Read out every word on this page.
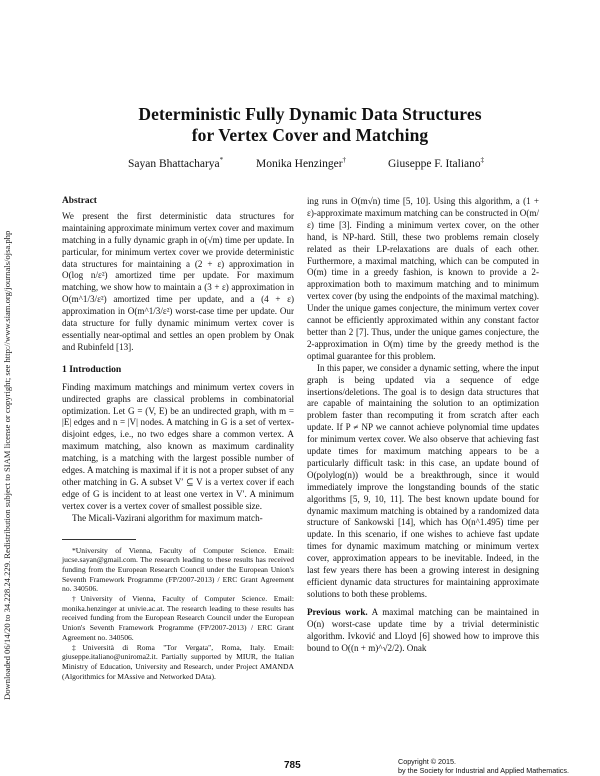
Downloaded 06/14/20 to 34.228.24.229. Redistribution subject to SIAM license or copyright; see http://www.siam.org/journals/ojsa.php
Deterministic Fully Dynamic Data Structures
for Vertex Cover and Matching
Sayan Bhattacharya*	Monika Henzinger†	Giuseppe F. Italiano‡
Abstract

We present the first deterministic data structures for maintaining approximate minimum vertex cover and maximum matching in a fully dynamic graph in o(√m) time per update. In particular, for minimum vertex cover we provide deterministic data structures for maintaining a (2 + ε) approximation in O(log n/ε²) amortized time per update. For maximum matching, we show how to maintain a (3 + ε) approximation in O(m^1/3/ε²) amortized time per update, and a (4 + ε) approximation in O(m^1/3/ε²) worst-case time per update. Our data structure for fully dynamic minimum vertex cover is essentially near-optimal and settles an open problem by Onak and Rubinfeld [13].

1 Introduction

Finding maximum matchings and minimum vertex covers in undirected graphs are classical problems in combinatorial optimization. Let G = (V, E) be an undirected graph, with m = |E| edges and n = |V| nodes. A matching in G is a set of vertex-disjoint edges, i.e., no two edges share a common vertex. A maximum matching, also known as maximum cardinality matching, is a matching with the largest possible number of edges. A matching is maximal if it is not a proper subset of any other matching in G. A subset V′ ⊆ V is a vertex cover if each edge of G is incident to at least one vertex in V′. A minimum vertex cover is a vertex cover of smallest possible size.

The Micali-Vazirani algorithm for maximum match-

*University of Vienna, Faculty of Computer Science. Email: jucse.sayan@gmail.com. The research leading to these results has received funding from the European Research Council under the European Union's Seventh Framework Programme (FP/2007-2013) / ERC Grant Agreement no. 340506.

†University of Vienna, Faculty of Computer Science. Email: monika.henzinger at univie.ac.at. The research leading to these results has received funding from the European Research Council under the European Union's Seventh Framework Programme (FP/2007-2013) / ERC Grant Agreement no. 340506.

‡Università di Roma "Tor Vergata", Roma, Italy. Email: giuseppe.italiano@uniroma2.it. Partially supported by MIUR, the Italian Ministry of Education, University and Research, under Project AMANDA (Algorithmics for MAssive and Networked DAta).

ing runs in O(m√n) time [5, 10]. Using this algorithm, a (1 + ε)-approximate maximum matching can be constructed in O(m/ε) time [3]. Finding a minimum vertex cover, on the other hand, is NP-hard. Still, these two problems remain closely related as their LP-relaxations are duals of each other. Furthermore, a maximal matching, which can be computed in O(m) time in a greedy fashion, is known to provide a 2-approximation both to maximum matching and to minimum vertex cover (by using the endpoints of the maximal matching). Under the unique games conjecture, the minimum vertex cover cannot be efficiently approximated within any constant factor better than 2 [7]. Thus, under the unique games conjecture, the 2-approximation in O(m) time by the greedy method is the optimal guarantee for this problem.

In this paper, we consider a dynamic setting, where the input graph is being updated via a sequence of edge insertions/deletions. The goal is to design data structures that are capable of maintaining the solution to an optimization problem faster than recomputing it from scratch after each update. If P ≠ NP we cannot achieve polynomial time updates for minimum vertex cover. We also observe that achieving fast update times for maximum matching appears to be a particularly difficult task: in this case, an update bound of O(polylog(n)) would be a breakthrough, since it would immediately improve the longstanding bounds of the static algorithms [5, 9, 10, 11]. The best known update bound for dynamic maximum matching is obtained by a randomized data structure of Sankowski [14], which has O(n^1.495) time per update. In this scenario, if one wishes to achieve fast update times for dynamic maximum matching or minimum vertex cover, approximation appears to be inevitable. Indeed, in the last few years there has been a growing interest in designing efficient dynamic data structures for maintaining approximate solutions to both these problems.

Previous work. A maximal matching can be maintained in O(n) worst-case update time by a trivial deterministic algorithm. Ivković and Lloyd [6] showed how to improve this bound to O((n + m)^√2/2). Onak

785	Copyright © 2015.
by the Society for Industrial and Applied Mathematics.
